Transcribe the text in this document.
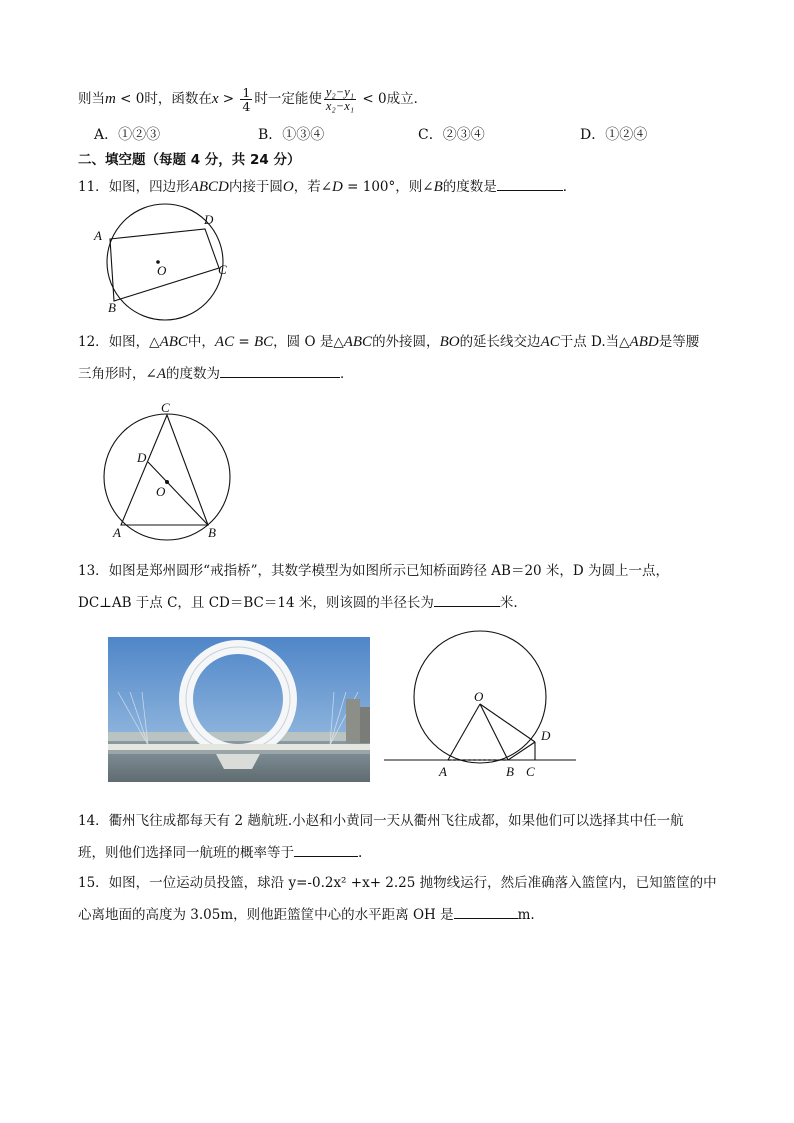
则当m < 0时，函数在$x > \frac{1}{4}$ 时一定能使 $\frac{\text{y₂−y₁}}{\text{x₂−x₁}} < 0$成立．
A．①②③	B．①③④	C．②③④	D．①②④
二、填空题（每题 4 分，共 24 分）
11．如图，四边形ABCD内接于圆O，若∠D = 100°，则∠B的度数是	．
A
D
C
B
O
12．如图，△ABC中，AC = BC，圆 O 是△ABC的外接圆，BO的延长线交边AC于点 D.当△ABD是等腰
三角形时，∠A的度数为	．
C
D
O
A	B
13．如图是郑州圆形“戒指桥”，其数学模型为如图所示已知桥面跨径 AB＝20 米，D 为圆上一点，
DC⊥AB 于点 C，且 CD＝BC＝14 米，则该圆的半径长为	米.
O
A	B C
D
14．衢州飞往成都每天有 2 趟航班.小赵和小黄同一天从衢州飞往成都，如果他们可以选择其中任一航
班，则他们选择同一航班的概率等于	.
15．如图，一位运动员投篮，球沿 y=-0.2x² +x+ 2.25 抛物线运行，然后准确落入篮筐内，已知篮筐的中
心离地面的高度为 3.05m，则他距篮筐中心的水平距离 OH 是	m.
